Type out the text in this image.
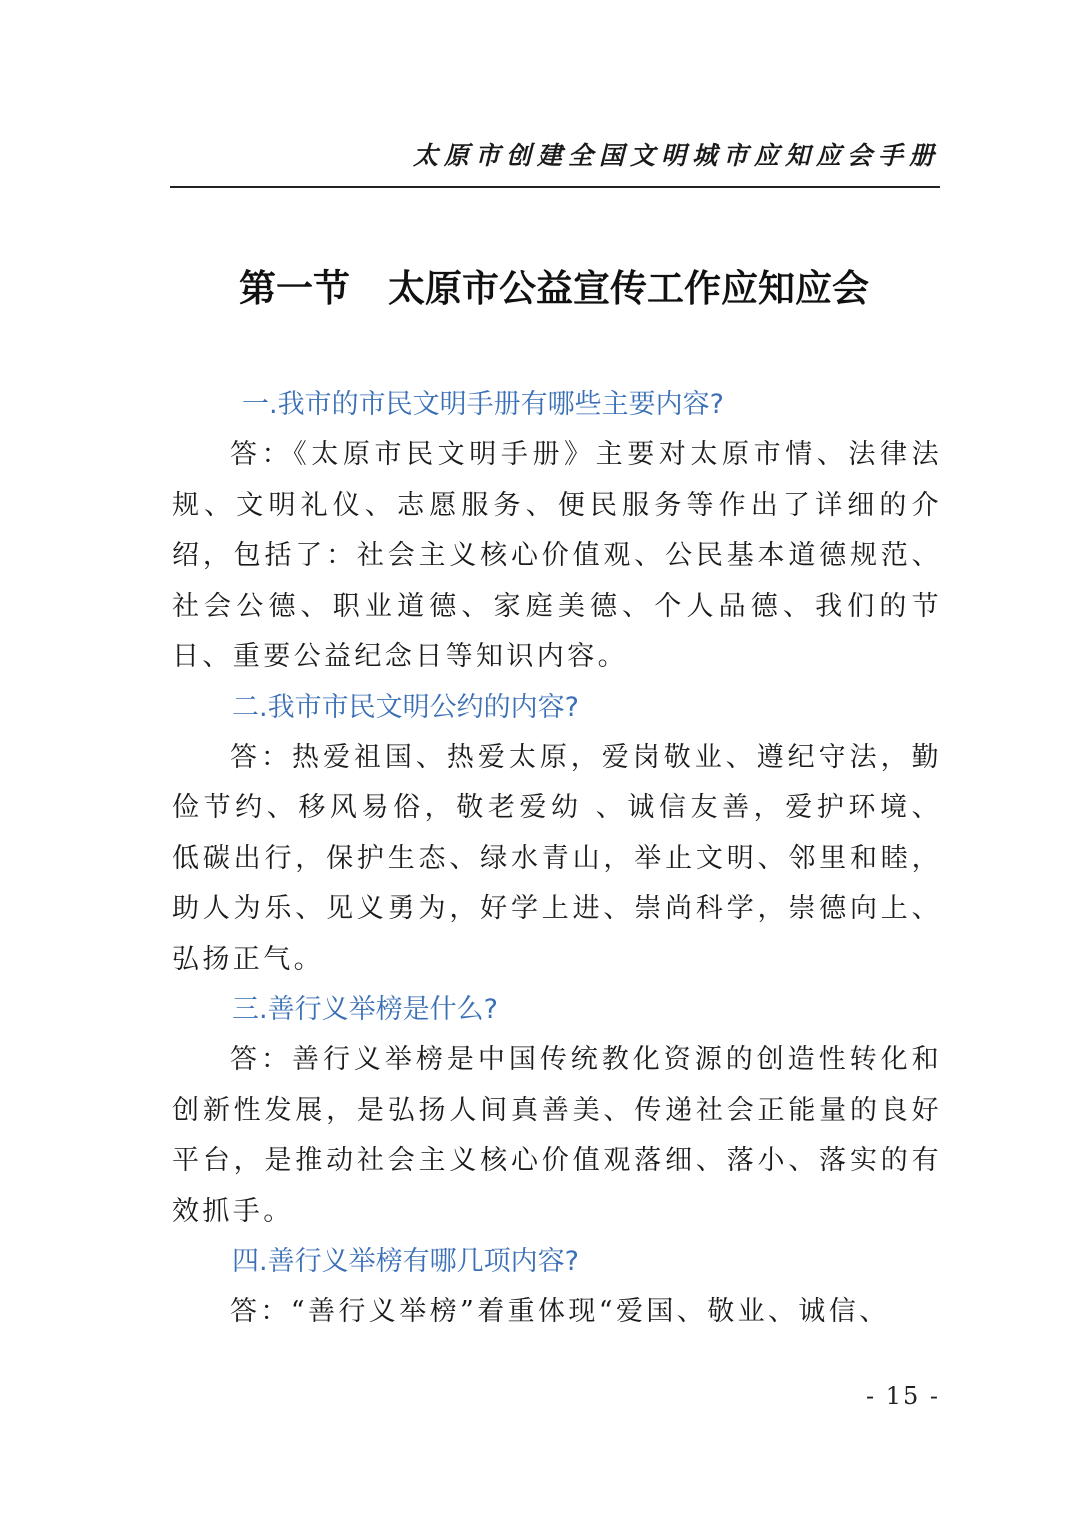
太原市创建全国文明城市应知应会手册
第一节 太原市公益宣传工作应知应会

一.我市的市民文明手册有哪些主要内容?

答：《太原市民文明手册》主要对太原市情、法律法规、文明礼仪、志愿服务、便民服务等作出了详细的介绍，包括了：社会主义核心价值观、公民基本道德规范、社会公德、职业道德、家庭美德、个人品德、我们的节日、重要公益纪念日等知识内容。

二.我市市民文明公约的内容?

答：热爱祖国、热爱太原，爱岗敬业、遵纪守法，勤俭节约、移风易俗，敬老爱幼 、诚信友善，爱护环境、低碳出行，保护生态、绿水青山，举止文明、邻里和睦，助人为乐、见义勇为，好学上进、崇尚科学，崇德向上、弘扬正气。

三.善行义举榜是什么?

答：善行义举榜是中国传统教化资源的创造性转化和创新性发展，是弘扬人间真善美、传递社会正能量的良好平台，是推动社会主义核心价值观落细、落小、落实的有效抓手。

四.善行义举榜有哪几项内容?

答：“善行义举榜”着重体现“爱国、敬业、诚信、

- 15 -
